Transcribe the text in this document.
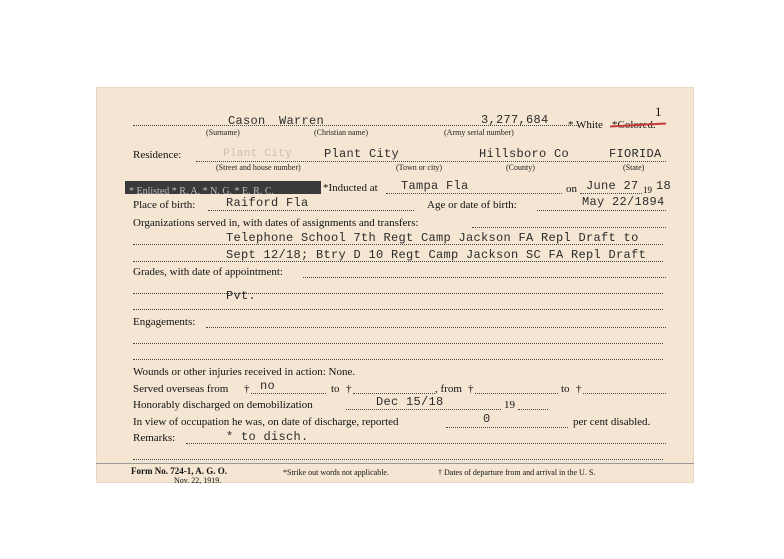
1
Cason Warren	3,277,684 * White *Colored.
(Surname)	(Christian name)	(Army serial number)
Residence:	Plant City	Plant City	Hillsboro Co	FIORIDA
(Street and house number)	(Town or city)	(County)	(State)
* Enlisted * R. A. * N. G. * E. R. C.	*Inducted at Tampa Fla	on June 27 19 18
Place of birth:	Raiford Fla	Age or date of birth:	May 22/1894
Organizations served in, with dates of assignments and transfers:
Telephone School 7th Regt Camp Jackson FA Repl Draft to
Sept 12/18; Btry D 10 Regt Camp Jackson SC FA Repl Draft
Grades, with date of appointment:
Pvt.
Engagements:
Wounds or other injuries received in action: None.
Served overseas from † no	to †	, from †	to †
Honorably discharged on demobilization	Dec 15/18	19
In view of occupation he was, on date of discharge, reported	0	per cent disabled.
Remarks:	* to disch.
Form No. 724-1, A. G. O.
Nov. 22, 1919.
*Strike out words not applicable.	† Dates of departure from and arrival in the U. S.
